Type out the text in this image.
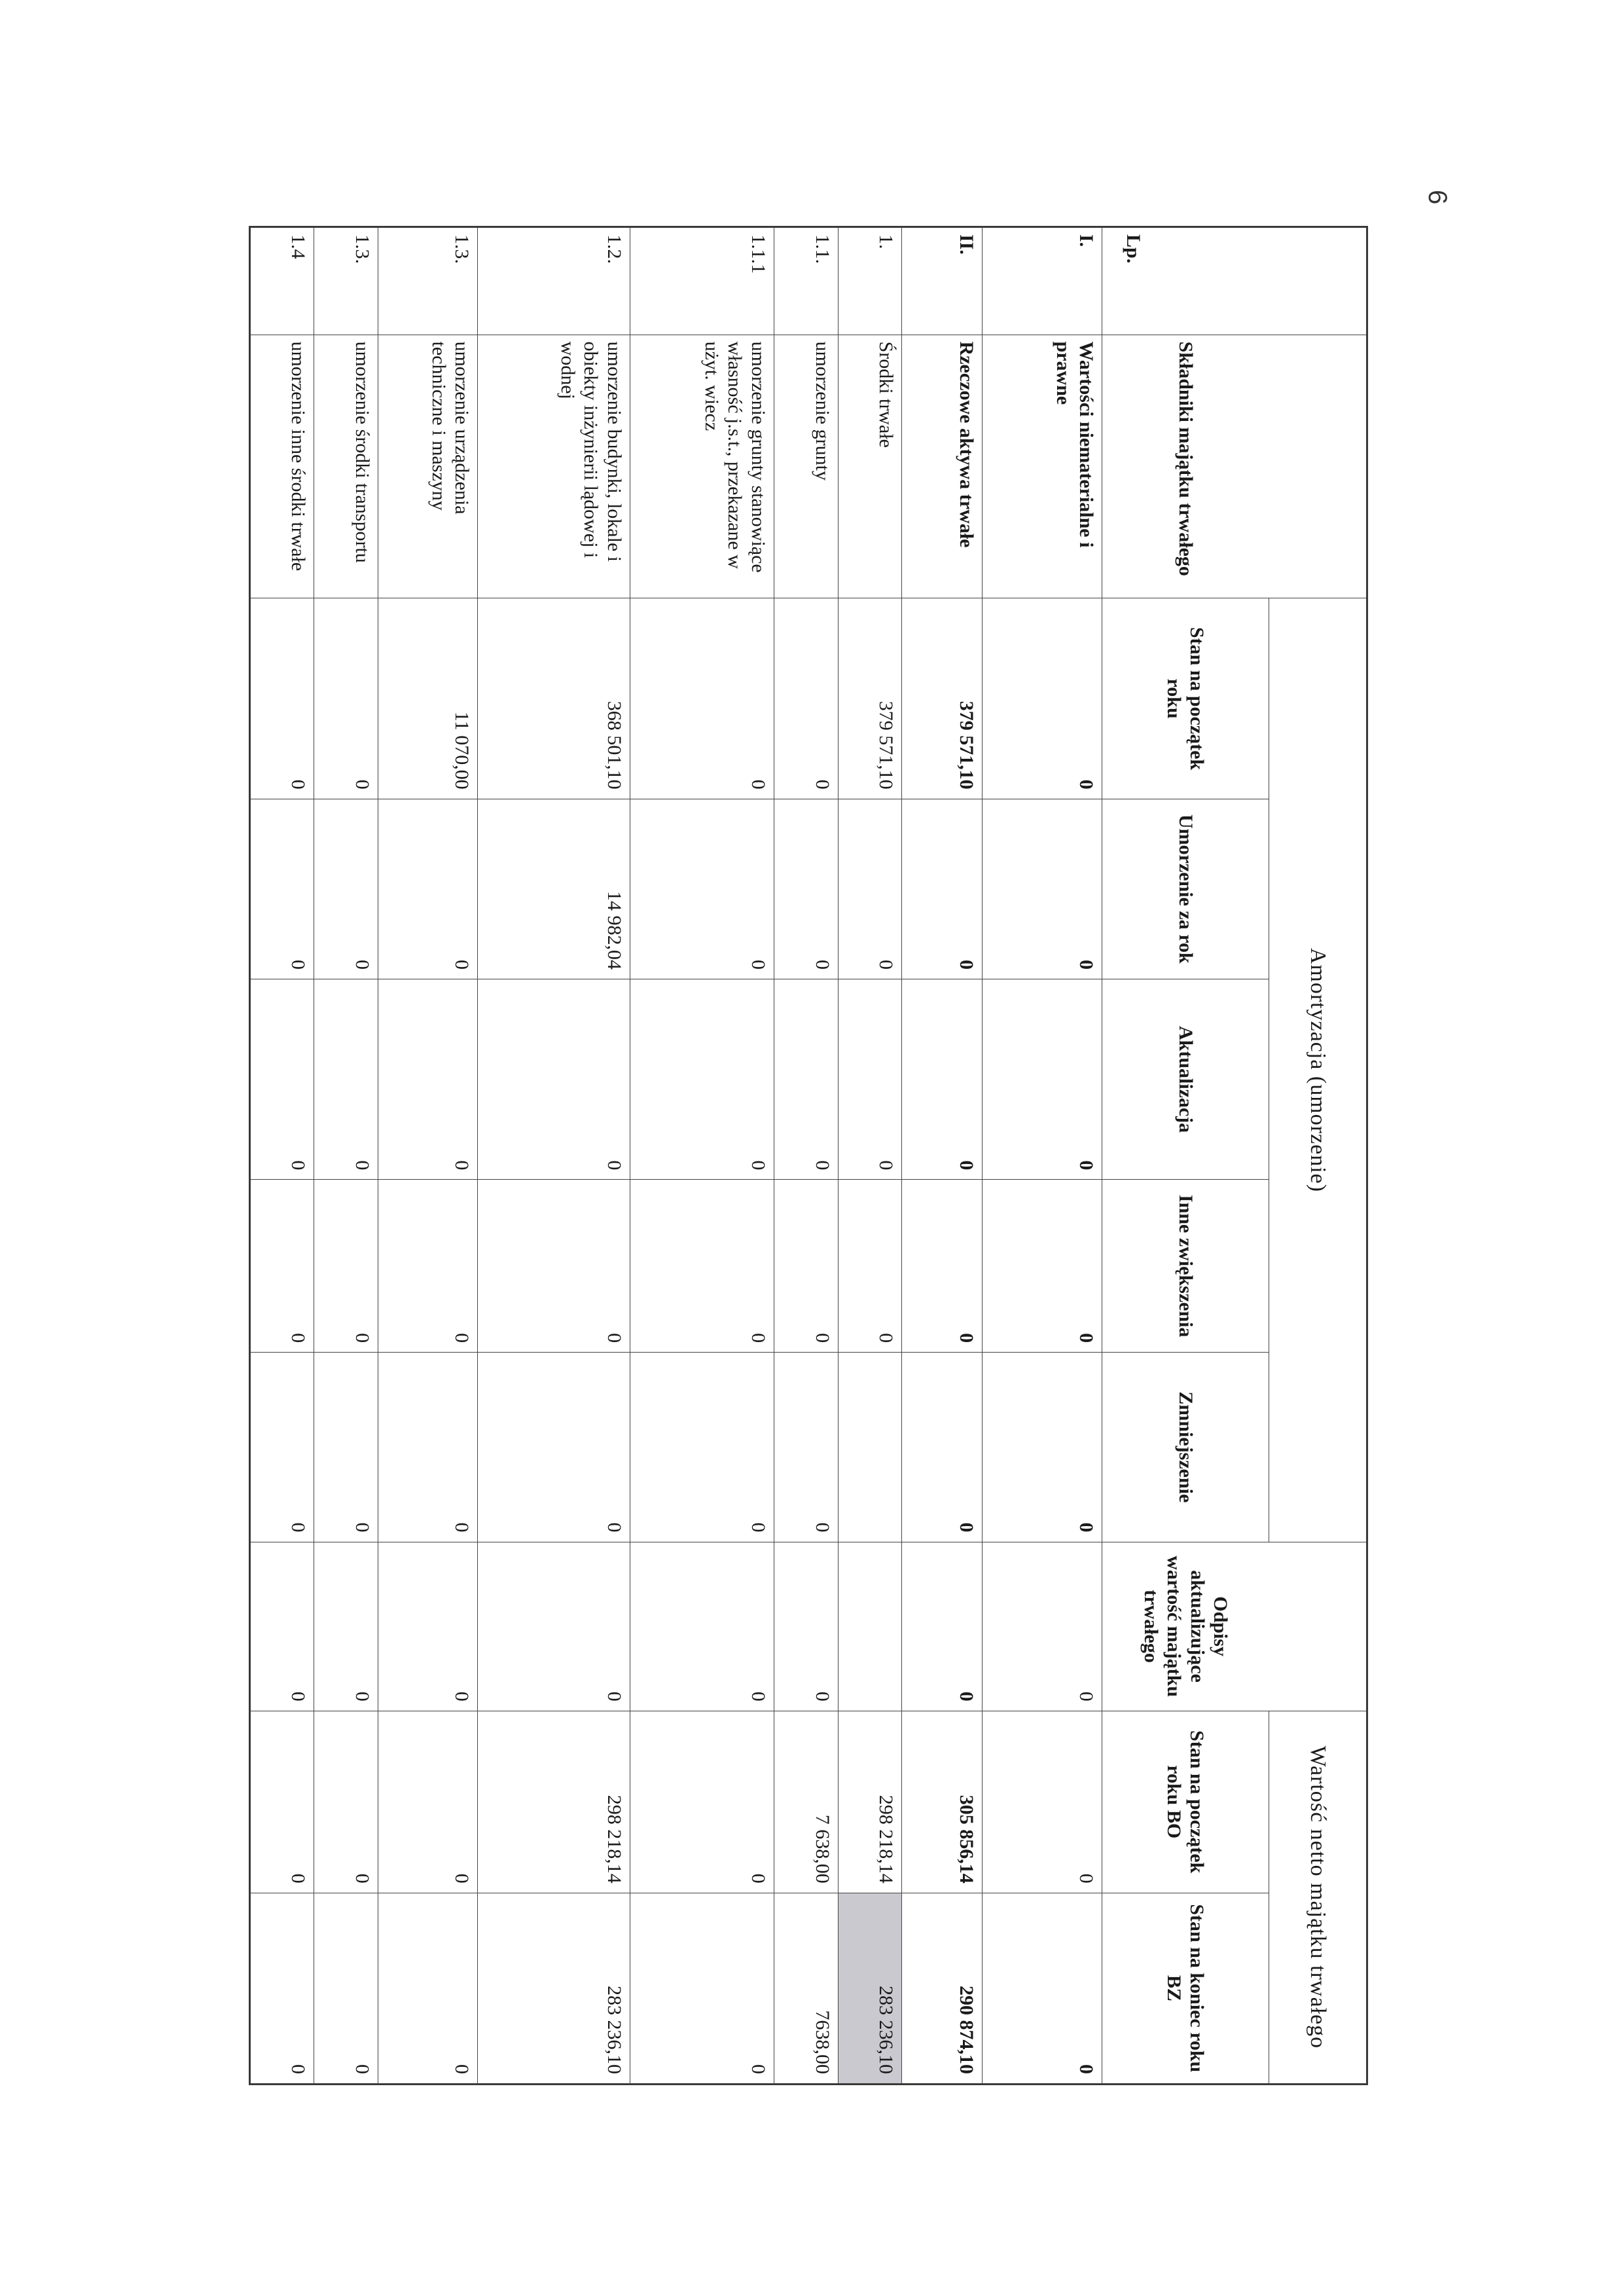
6
Lp.		Amortyzacja (umorzenie)						Wartość netto majątku trwałego	
	Składniki majątku trwałego	Stan na początek roku	Umorzenie za rok	Aktualizacja	Inne zwiększenia	Zmniejszenie	Odpisy aktualizujące wartość majątku trwałego	Stan na początek roku BO	Stan na koniec roku BZ
I.	Wartości niematerialne i prawne	0	0	0	0	0	0	0	0
II.	Rzeczowe aktywa trwałe	379 571,10	0	0	0	0	0	305 856,14	290 874,10
1.	Środki trwałe	379 571,10	0	0	0			298 218,14	283 236,10
1.1.	umorzenie grunty	0	0	0	0	0	0	7 638,00	7638,00
1.1.1	umorzenie grunty stanowiące własność j.s.t., przekazane w użyt. wiecz	0	0	0	0	0	0	0	0
1.2.	umorzenie budynki, lokale i obiekty inżynierii lądowej i wodnej	368 501,10	14 982,04	0	0	0	0	298 218,14	283 236,10
1.3.	umorzenie urządzenia techniczne i maszyny	11 070,00	0	0	0	0	0	0	0
1.3.	umorzenie środki transportu	0	0	0	0	0	0	0	0
1.4	umorzenie inne środki trwałe	0	0	0	0	0	0	0	0
